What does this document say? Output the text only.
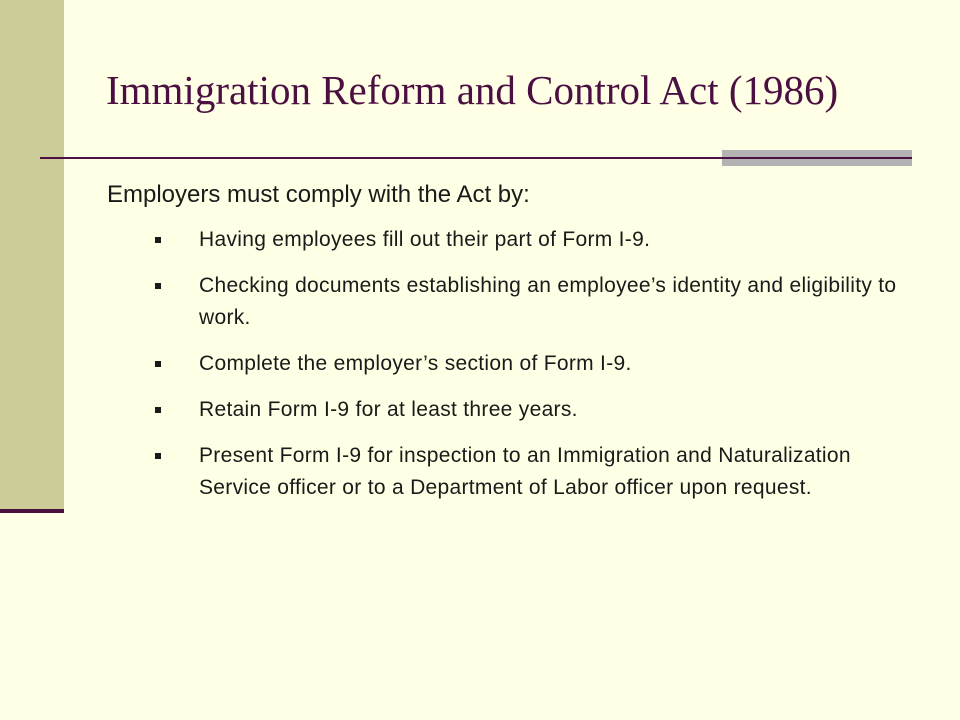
Immigration Reform and Control Act (1986)

Employers must comply with the Act by:

Having employees fill out their part of Form I-9.
Checking documents establishing an employee’s identity and eligibility to work.
Complete the employer’s section of Form I-9.
Retain Form I-9 for at least three years.
Present Form I-9 for inspection to an Immigration and Naturalization Service officer or to a Department of Labor officer upon request.
